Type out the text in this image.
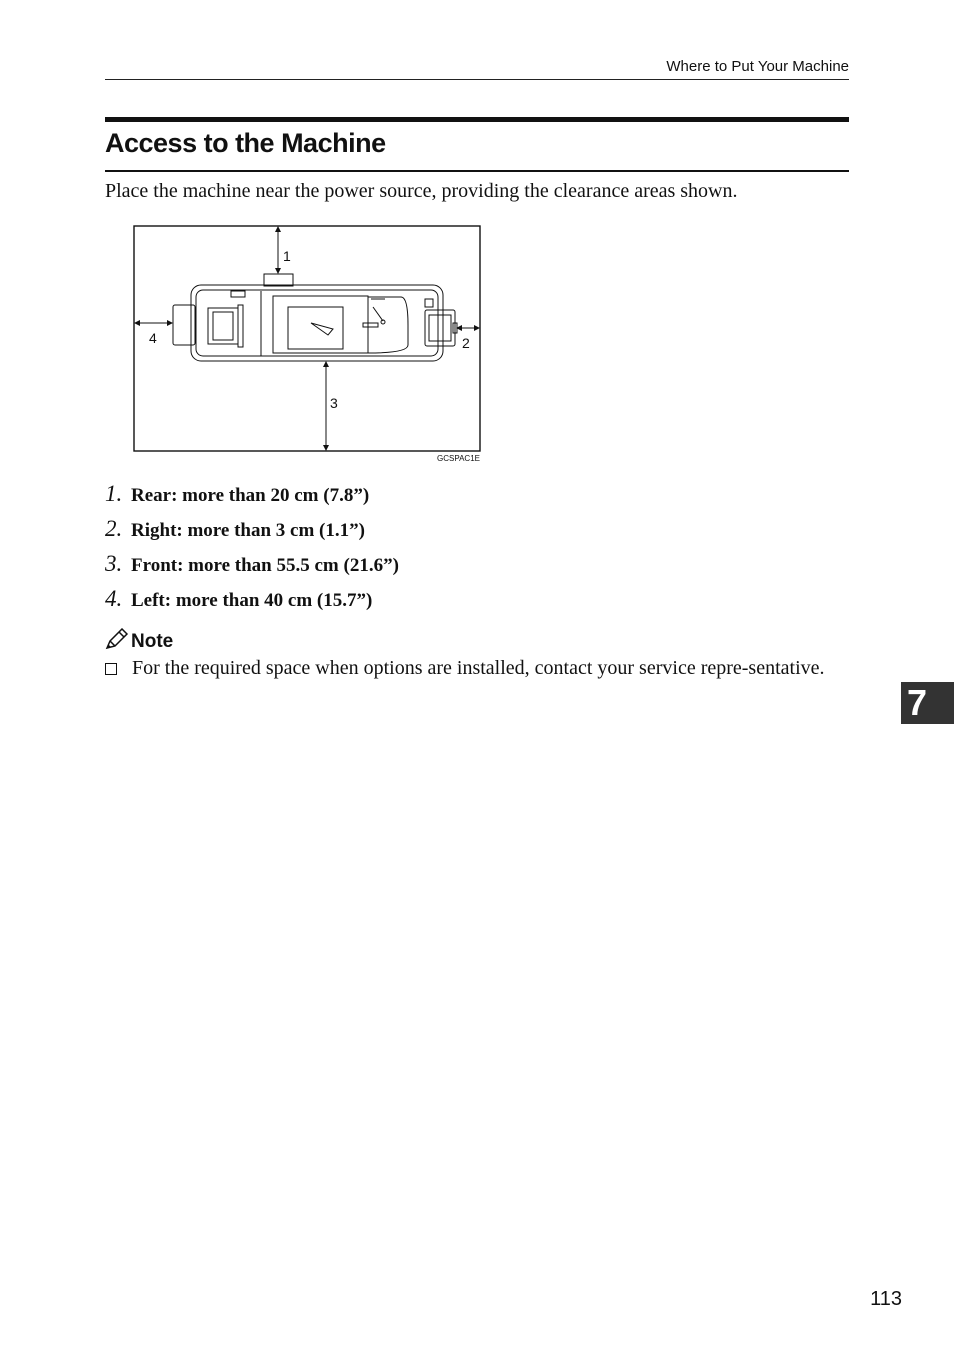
Where to Put Your Machine
Access to the Machine
Place the machine near the power source, providing the clearance areas shown.
1
2
3
4
GCSPAC1E
1. Rear: more than 20 cm (7.8”)
2. Right: more than 3 cm (1.1”)
3. Front: more than 55.5 cm (21.6”)
4. Left: more than 40 cm (15.7”)
Note
For the required space when options are installed, contact your service repre-sentative.
7
113
